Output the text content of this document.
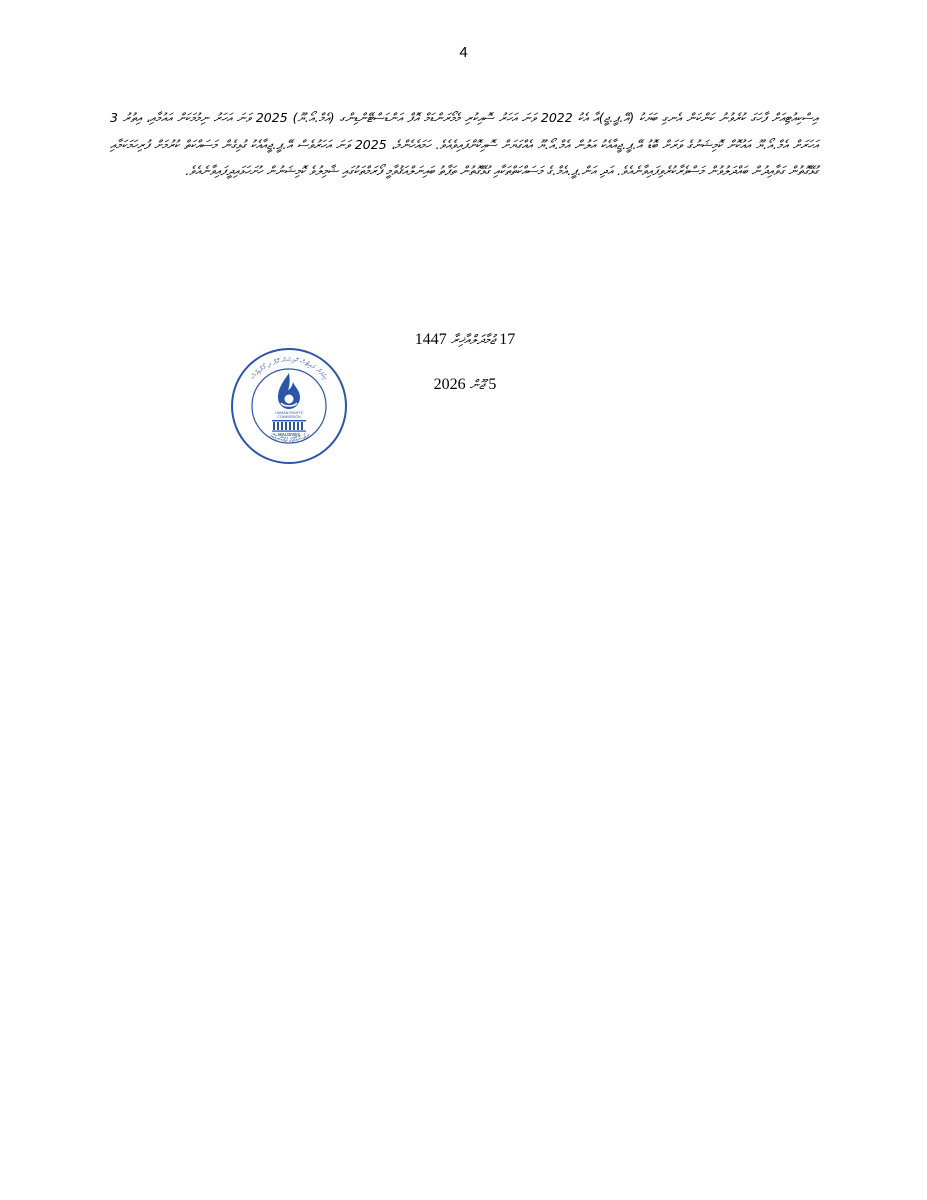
4
އިސްކިއުޓިއަށް ފާހަގަ ކުރެވުނު ކަންކަން އެނގި ބަޔަކު (އޭ.ޕީ.ޖީ)އާ އެކު 2022 ވަނަ އަހަރު ސޮއިކުރި މެމޯރަންޑަމް އޮފް އަންޑަސްޓޭންޑިންގ (އެމް.އޯ.ޔޫ) 2025 ވަނަ އަހަރު ނިމުމަކަށް އައުމާއި، އިތުރު 3 އަހަރަށް އެމް.އޯ.ޔޫ އައުކޮށް ކޮމިޝަނުގެ ވަރަށް ބޮޑު އޭ.ޕީ.ޖީއާއެކު އަލުން އެމް.އޯ.ޔޫ އެއްގަޔަށް ސޮއިކޮށްފައިވެއެވެ. ހަމައެހެންމެ، 2025 ވަނަ އަހަރުވެސް އޭ.ޕީ.ޖީއާއެކު ގުޅިގެން މަސައްކަތް ކުރުމަށް ފުރިހަމަކަމާއި ގުޅޭގޮތުން ގަވާއިދުން ބައްދަލުވުން މަސްވެރާކުރެވިފައިވާނެއެވެ. އަދި އަން.ޕީ.އެމް.ގެ މަސައްކަތްތަކާއި ގުޅޭގޮތުން ތަފާތު ބައިނަލްއަޤުވާމީ ފޯރަމްތަކުގައި ޝާމިލުވެ ކޮމިޝަނުން ހުށަހަޅައިދީފައިވާނެއެވެ.
17 ޖުމާދަލްއާޚިރާ 1447
5 ޖޫން 2026
ހިއުމަން ރައިޓްސް ކޮމިޝަން އޮފް ދި މޯލްޑިވްސް
ދިވެހިރާއްޖޭގެ ޖުމްހޫރިއްޔާ
HUMAN RIGHTS
COMMISSION
MALDIVES
